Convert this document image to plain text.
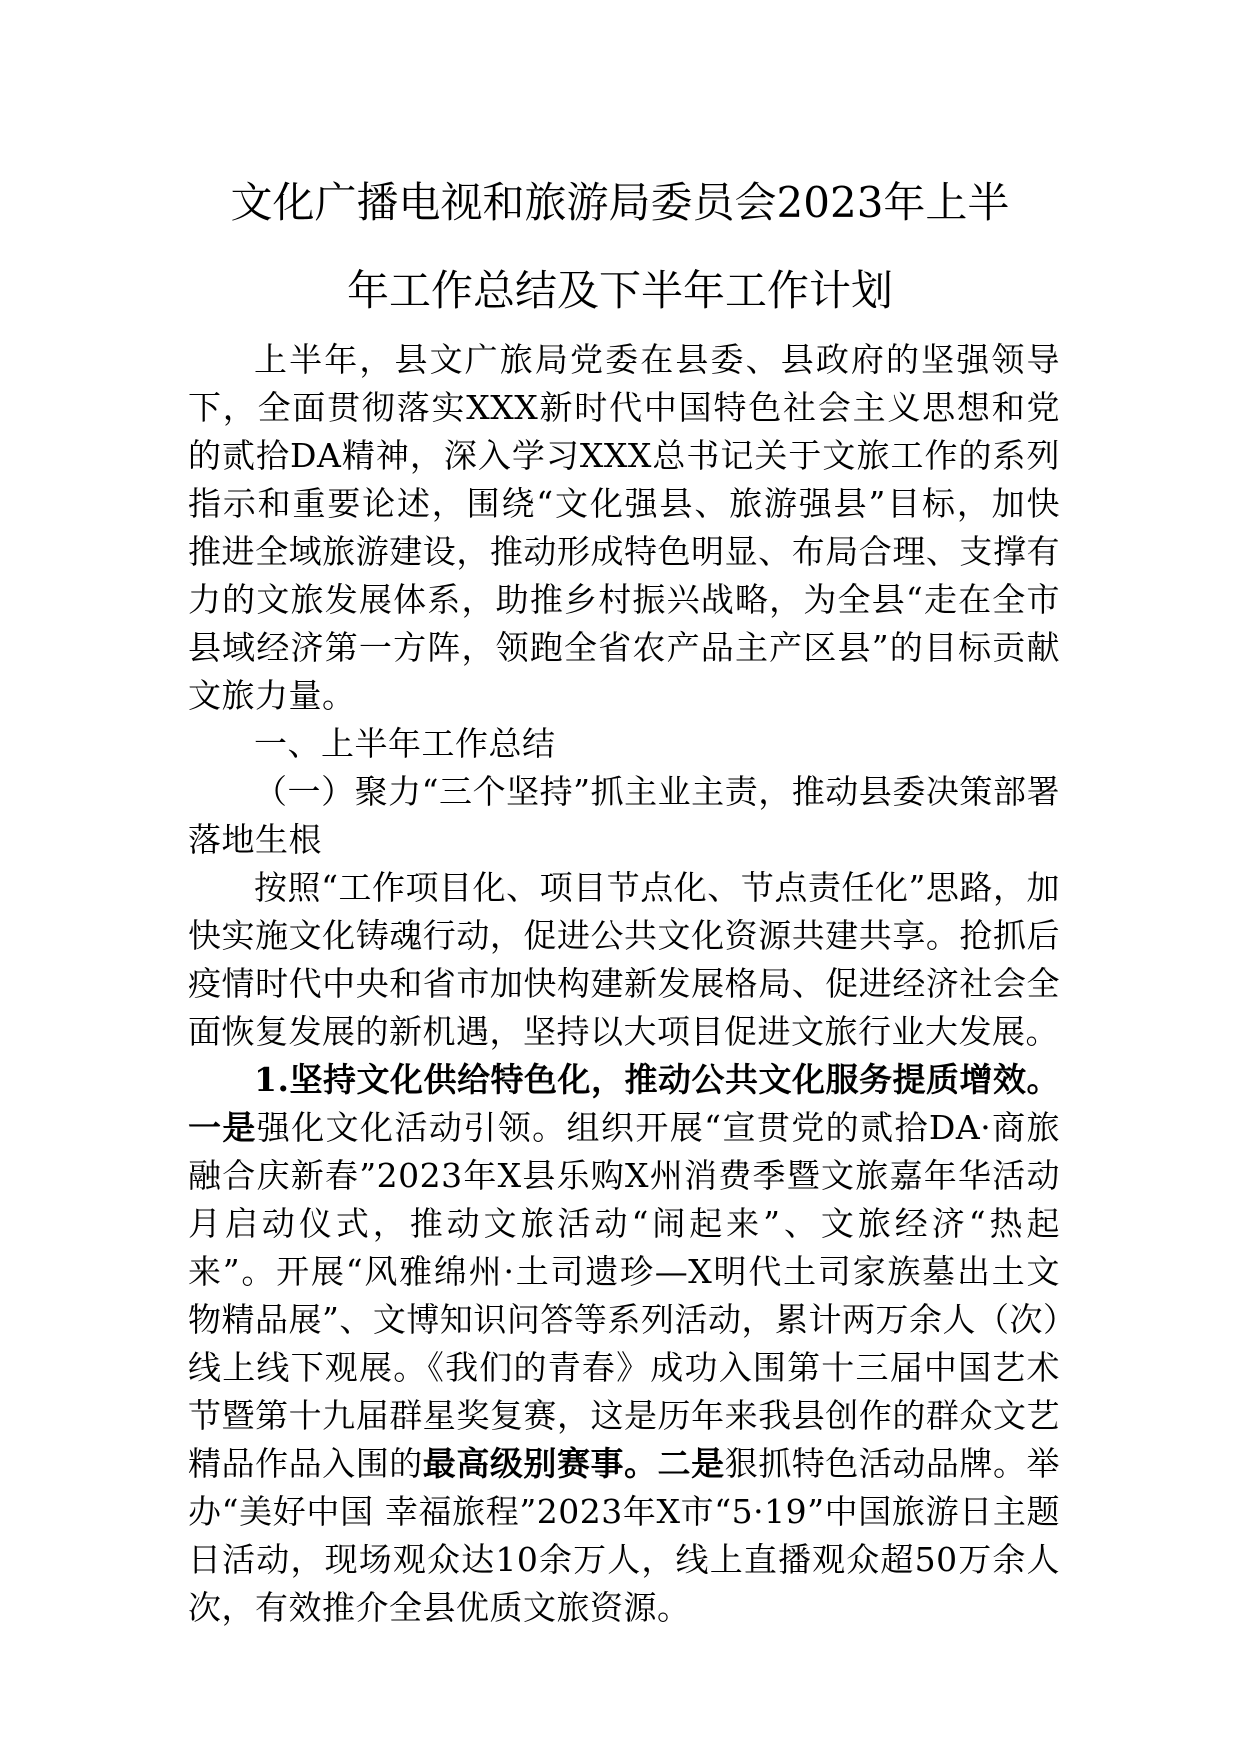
文化广播电视和旅游局委员会2023年上半
年工作总结及下半年工作计划

上半年，县文广旅局党委在县委、县政府的坚强领导下，全面贯彻落实XXX新时代中国特色社会主义思想和党的贰拾DA精神，深入学习XXX总书记关于文旅工作的系列指示和重要论述，围绕“文化强县、旅游强县”目标，加快推进全域旅游建设，推动形成特色明显、布局合理、支撑有力的文旅发展体系，助推乡村振兴战略，为全县“走在全市县域经济第一方阵，领跑全省农产品主产区县”的目标贡献文旅力量。

一、上半年工作总结

（一）聚力“三个坚持”抓主业主责，推动县委决策部署落地生根

按照“工作项目化、项目节点化、节点责任化”思路，加快实施文化铸魂行动，促进公共文化资源共建共享。抢抓后疫情时代中央和省市加快构建新发展格局、促进经济社会全面恢复发展的新机遇，坚持以大项目促进文旅行业大发展。

1.坚持文化供给特色化，推动公共文化服务提质增效。一是强化文化活动引领。组织开展“宣贯党的贰拾DA·商旅融合庆新春”2023年X县乐购X州消费季暨文旅嘉年华活动月启动仪式，推动文旅活动“闹起来”、文旅经济“热起来”。开展“风雅绵州·土司遗珍—X明代土司家族墓出土文物精品展”、文博知识问答等系列活动，累计两万余人（次）线上线下观展。《我们的青春》成功入围第十三届中国艺术节暨第十九届群星奖复赛，这是历年来我县创作的群众文艺精品作品入围的最高级别赛事。二是狠抓特色活动品牌。举办“美好中国 幸福旅程”2023年X市“5·19”中国旅游日主题日活动，现场观众达10余万人，线上直播观众超50万余人次，有效推介全县优质文旅资源。
